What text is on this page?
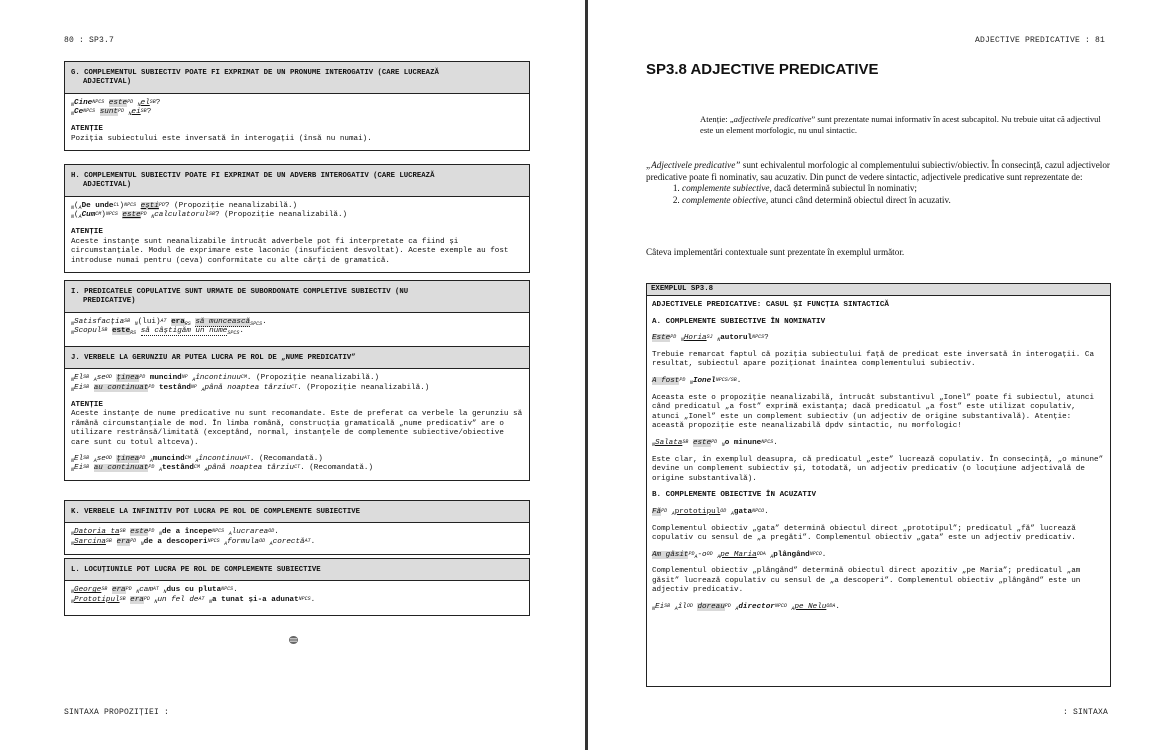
80 : SP3.7
G. COMPLEMENTUL SUBIECTIV POATE FI EXPRIMAT DE UN PRONUME INTEROGATIV (CARE LUCREAZĂ
ADJECTIVAL)
$_N$Cine$^{NPCS}$ este$^{PD}$ $_Nel^{SB}$?
$_NCe^{NPCS}$ sunt$^{PD}$ $_Nei^{SB}$?
ATENȚIE
Poziția subiectului este inversată în interogații (însă nu numai).
H. COMPLEMENTUL SUBIECTIV POATE FI EXPRIMAT DE UN ADVERB INTEROGATIV (CARE LUCREAZĂ
ADJECTIVAL)
$_N(_ADe$ unde$^{CL}$)$^{NPCS}$ ești$^{PD}$? (Propoziție neanalizabilă.)
$_N(_ACum^{CM})^{NPCS}$ este$^{PD}$ $_N$calculatorul$^{SB}$? (Propoziție neanalizabilă.)
ATENȚIE
Aceste instanțe sunt neanalizabile întrucât adverbele pot fi interpretate ca fiind și circumstanțiale. Modul de exprimare este laconic (insuficient desvoltat). Aceste exemple au fost introduse numai pentru (ceva) conformitate cu alte cărți de gramatică.
I. PREDICATELE COPULATIVE SUNT URMATE DE SUBORDONATE COMPLETIVE SUBIECTIV (NU
PREDICATIVE)
$_N$Satisfacția$^{SB}$ $_N$(lui)$^{AT}$ era$_{RS}$ să muncească$_{SPCS}$.
$_N$Scopul$^{SB}$ este$_{RS}$ să câștigăm un nume$_{SPCS}$.
J. VERBELE LA GERUNZIU AR PUTEA LUCRA PE ROL DE „NUME PREDICATIV”
$_NEl^{SB}$ $_Ase^{OD}$ ținea$^{PD}$ muncind$^{NP}$ $_A$încontinuu$^{CM}$. (Propoziție neanalizabilă.)
$_NEi^{SB}$ au continuat$^{PD}$ testând$^{NP}$ $_A$până noaptea târziu$^{CT}$. (Propoziție neanalizabilă.)
ATENȚIE
Aceste instanțe de nume predicative nu sunt recomandate. Este de preferat ca verbele la gerunziu să rămână circumstanțiale de mod. În limba română, construcția gramaticală „nume predicativ” are o utilizare restrânsă/limitată (exceptând, normal, instanțele de complemente subiective/obiective care sunt cu totul altceva).
$_NEl^{SB}$ $_Ase^{OD}$ ținea$^{PD}$ $_A$muncind$^{CM}$ $_A$încontinuu$^{AT}$. (Recomandată.)
$_NEi^{SB}$ au continuat$^{PD}$ $_A$testând$^{CM}$ $_A$până noaptea târziu$^{CT}$. (Recomandată.)
K. VERBELE LA INFINITIV POT LUCRA PE ROL DE COMPLEMENTE SUBIECTIVE
$_N$Datoria $ta^{SB}$ este$^{PD}$ $_N$de a începe$^{NPCS}$ $_A$lucrarea$^{OD}$.
$_N$Sarcina$^{SB}$ era$^{PD}$ $_N$de a descoperi$^{NPCS}$ $_A$formula$^{OD}$ $_A$corectă$^{AT}$.
L. LOCUȚIUNILE POT LUCRA PE ROL DE COMPLEMENTE SUBIECTIVE
$_N$George$^{SB}$ era$^{PD}$ $_N$cam$^{AT}$ $_N$dus cu pluta$^{NPCS}$.
$_N$Prototipul$^{SB}$ era$^{PD}$ $_N$un fel $de^{AT}$ $_N$a tunat și-a adunat$^{NPCS}$.
SINTAXA PROPOZIȚIEI :
ADJECTIVE PREDICATIVE : 81
SP3.8 ADJECTIVE PREDICATIVE
Atenție: „adjectivele predicative” sunt prezentate numai informativ în acest subcapitol. Nu trebuie uitat că adjectivul este un element morfologic, nu unul sintactic.
„Adjectivele predicative” sunt echivalentul morfologic al complementului subiectiv/obiectiv. În consecință, cazul adjectivelor predicative poate fi nominativ, sau acuzativ. Din punct de vedere sintactic, adjectivele predicative sunt reprezentate de:
1. complemente subiective, dacă determină subiectul în nominativ;
2. complemente obiective, atunci când determină obiectul direct în acuzativ.
Câteva implementări contextuale sunt prezentate în exemplul următor.
EXEMPLUL SP3.8

ADJECTIVELE PREDICATIVE: CASUL ȘI FUNCȚIA SINTACTICĂ

A. COMPLEMENTE SUBIECTIVE ÎN NOMINATIV

Este$^{PD}$ $_N$Horia$^{SJ}$ $_N$autorul$^{NPCS}$?

Trebuie remarcat faptul că poziția subiectului față de predicat este inversată în interogații. Ca resultat, subiectul apare poziționat înaintea complementului subiectiv.

A fost$^{PD}$ $_N$Ionel$^{NPCS/SB}$.

Aceasta este o propoziție neanalizabilă, întrucât substantivul „Ionel” poate fi subiectul, atunci când predicatul „a fost” exprimă existanța; dacă predicatul „a fost” este utilizat copulativ, atunci „Ionel” este un complement subiectiv (un adjectiv de origine substantivală). Atenție: această propoziție este neanalizabilă dpdv sintactic, nu morfologic!

$_N$Salata$^{SB}$ este$^{PD}$ $_N$o minune$^{NPCS}$.

Este clar, în exemplul deasupra, că predicatul „este” lucrează copulativ. În consecință, „o minune” devine un complement subiectiv și, totodată, un adjectiv predicativ (o locuțiune adjectivală de origine substantivală).

B. COMPLEMENTE OBIECTIVE ÎN ACUZATIV

$Fă^{PD}$ $_A$prototipul$^{OD}$ $_A$gata$^{NPCO}$.

Complementul obiectiv „gata” determină obiectul direct „prototipul”; predicatul „fă” lucrează copulativ cu sensul de „a pregăti”. Complementul obiectiv „gata” este un adjectiv predicativ.

Am $găsit^{PD}_A-o^{OD}$ $_A$pe Maria$^{ODA}$ $_A$plângând$^{NPCO}$.

Complementul obiectiv „plângând” determină obiectul direct apozitiv „pe Maria”; predicatul „am găsit” lucrează copulativ cu sensul de „a descoperi”. Complementul obiectiv „plângând” este un adjectiv predicativ.

$_NEi^{SB}$ $_Aîl^{OD}$ doreau$^{PD}$ $_A$director$^{NPCO}$ $_A$pe Nelu$^{ODA}$.

: SINTAXA
